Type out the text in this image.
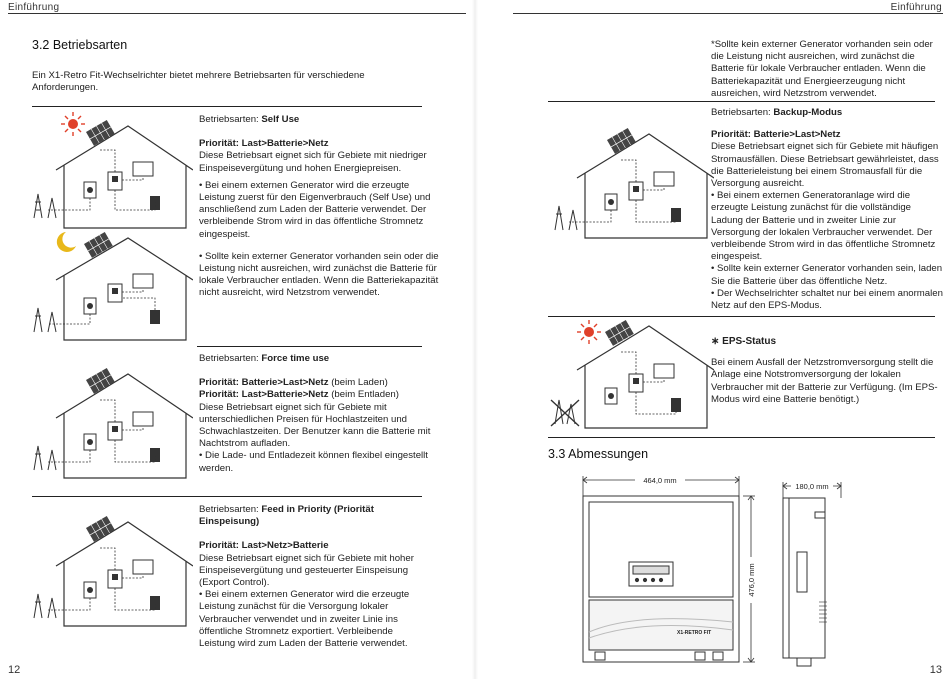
Einführung
3.2 Betriebsarten
Ein X1-Retro Fit-Wechselrichter bietet mehrere Betriebsarten für verschiedene Anforderungen.
Betriebsarten: Self Use
Priorität: Last>Batterie>Netz
Diese Betriebsart eignet sich für Gebiete mit niedriger Einspeisevergütung und hohen Energiepreisen.
• Bei einem externen Generator wird die erzeugte Leistung zuerst für den Eigenverbrauch (Self Use) und anschließend zum Laden der Batterie verwendet. Der verbleibende Strom wird in das öffentliche Stromnetz eingespeist.
• Sollte kein externer Generator vorhanden sein oder die Leistung nicht ausreichen, wird zunächst die Batterie für lokale Verbraucher entladen. Wenn die Batteriekapazität nicht ausreicht, wird Netzstrom verwendet.
Betriebsarten: Force time use
Priorität: Batterie>Last>Netz (beim Laden)
Priorität: Last>Batterie>Netz (beim Entladen)
Diese Betriebsart eignet sich für Gebiete mit unterschiedlichen Preisen für Hochlastzeiten und Schwachlastzeiten. Der Benutzer kann die Batterie mit Nachtstrom aufladen.
• Die Lade- und Entladezeit können flexibel eingestellt werden.
Betriebsarten: Feed in Priority (Priorität Einspeisung)
Priorität: Last>Netz>Batterie
Diese Betriebsart eignet sich für Gebiete mit hoher Einspeisevergütung und gesteuerter Einspeisung (Export Control).
• Bei einem externen Generator wird die erzeugte Leistung zunächst für die Versorgung lokaler Verbraucher verwendet und in zweiter Linie ins öffentliche Stromnetz exportiert. Verbleibende Leistung wird zum Laden der Batterie verwendet.
12
Einführung
*Sollte kein externer Generator vorhanden sein oder die Leistung nicht ausreichen, wird zunächst die Batterie für lokale Verbraucher entladen. Wenn die Batteriekapazität und Energieerzeugung nicht ausreichen, wird Netzstrom verwendet.
Betriebsarten: Backup-Modus
Priorität: Batterie>Last>Netz
Diese Betriebsart eignet sich für Gebiete mit häufigen Stromausfällen. Diese Betriebsart gewährleistet, dass die Batterieleistung bei einem Stromausfall für die Versorgung ausreicht.
• Bei einem externen Generatoranlage wird die erzeugte Leistung zunächst für die vollständige Ladung der Batterie und in zweiter Linie zur Versorgung der lokalen Verbraucher verwendet. Der verbleibende Strom wird in das öffentliche Stromnetz eingespeist.
• Sollte kein externer Generator vorhanden sein, laden Sie die Batterie über das öffentliche Netz.
• Der Wechselrichter schaltet nur bei einem anormalen Netz auf den EPS-Modus.
∗ EPS-Status
Bei einem Ausfall der Netzstromversorgung stellt die Anlage eine Notstromversorgung der lokalen Verbraucher mit der Batterie zur Verfügung. (Im EPS-Modus wird eine Batterie benötigt.)
3.3 Abmessungen
X1-RETRO FIT
464,0 mm
476,0 mm
180,0 mm
13
